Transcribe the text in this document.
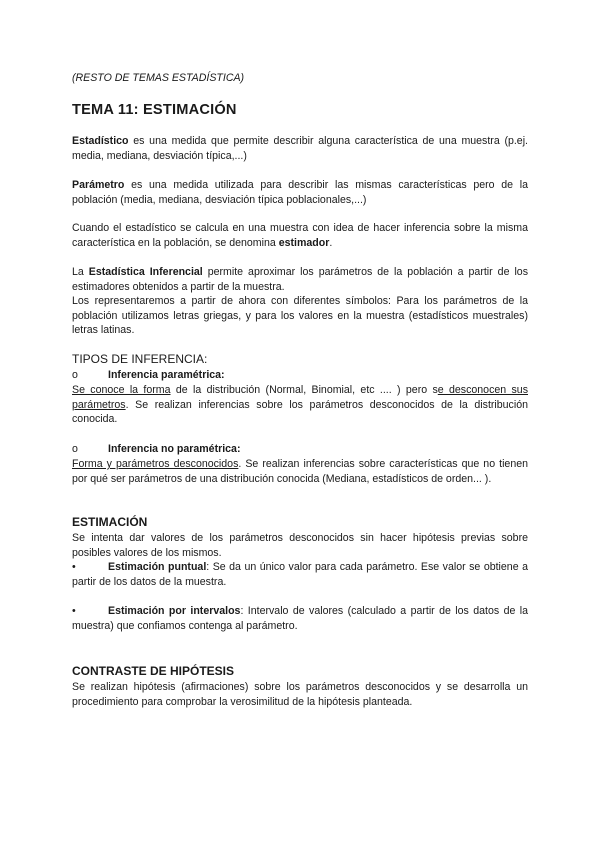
(RESTO DE TEMAS ESTADÍSTICA)

TEMA 11: ESTIMACIÓN

Estadístico es una medida que permite describir alguna característica de una muestra (p.ej. media, mediana, desviación típica,...)

Parámetro es una medida utilizada para describir las mismas características pero de la población (media, mediana, desviación típica poblacionales,...)

Cuando el estadístico se calcula en una muestra con idea de hacer inferencia sobre la misma característica en la población, se denomina estimador.

La Estadística Inferencial permite aproximar los parámetros de la población a partir de los estimadores obtenidos a partir de la muestra.
Los representaremos a partir de ahora con diferentes símbolos: Para los parámetros de la población utilizamos letras griegas, y para los valores en la muestra (estadísticos muestrales) letras latinas.

TIPOS DE INFERENCIA:

o	Inferencia paramétrica:

Se conoce la forma de la distribución (Normal, Binomial, etc .... ) pero se desconocen sus parámetros. Se realizan inferencias sobre los parámetros desconocidos de la distribución conocida.

o	Inferencia no paramétrica:

Forma y parámetros desconocidos. Se realizan inferencias sobre características que no tienen por qué ser parámetros de una distribución conocida (Mediana, estadísticos de orden... ).

ESTIMACIÓN

Se intenta dar valores de los parámetros desconocidos sin hacer hipótesis previas sobre posibles valores de los mismos.

•	Estimación puntual: Se da un único valor para cada parámetro. Ese valor se obtiene a partir de los datos de la muestra.

•	Estimación por intervalos: Intervalo de valores (calculado a partir de los datos de la muestra) que confiamos contenga al parámetro.

CONTRASTE DE HIPÓTESIS

Se realizan hipótesis (afirmaciones) sobre los parámetros desconocidos y se desarrolla un procedimiento para comprobar la verosimilitud de la hipótesis planteada.
